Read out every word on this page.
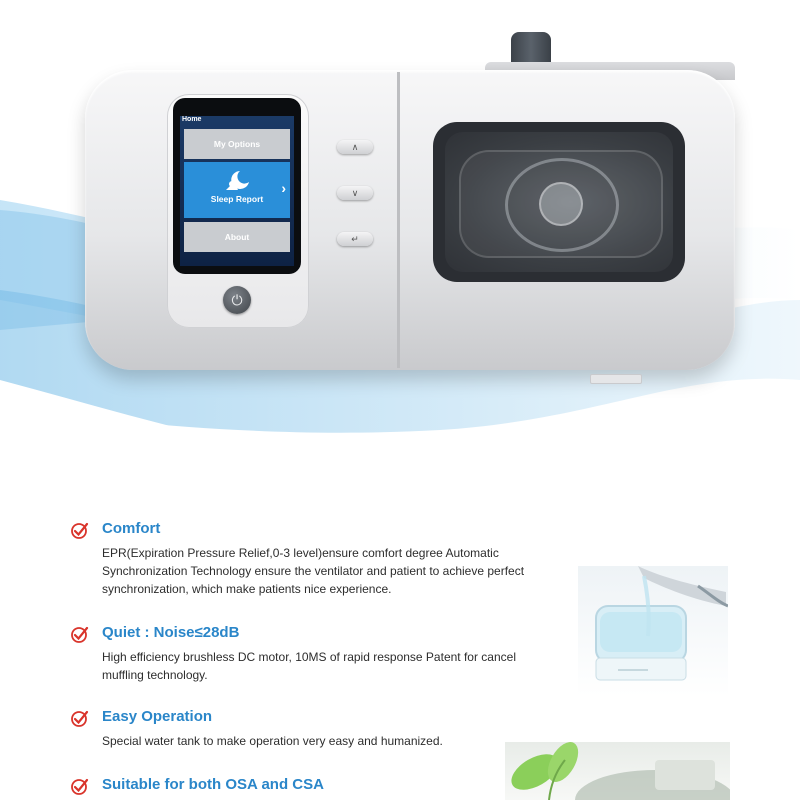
Home
My Options
Sleep Report
›
About
⏻
∧
∨
↵
Comfort
EPR(Expiration Pressure Relief,0-3 level)ensure comfort degree Automatic Synchronization Technology ensure the ventilator and patient to achieve perfect synchronization, which make patients nice experience.
Quiet : Noise≤28dB
High efficiency brushless DC motor, 10MS of rapid response Patent for cancel muffling technology.
Easy Operation
Special water tank to make operation very easy and humanized.
Suitable for both OSA and CSA
